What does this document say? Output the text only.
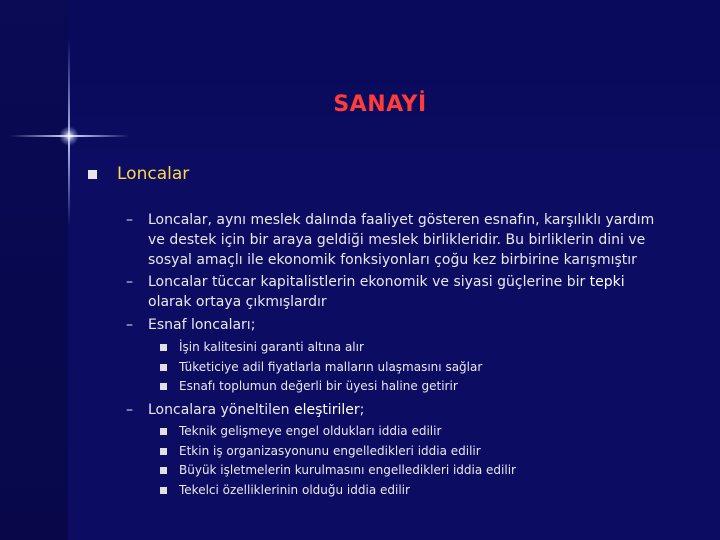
SANAYİ
Loncalar
–	Loncalar, aynı meslek dalında faaliyet gösteren esnafın, karşılıklı yardım ve destek için bir araya geldiği meslek birlikleridir. Bu birliklerin dini ve sosyal amaçlı ile ekonomik fonksiyonları çoğu kez birbirine karışmıştır
–	Loncalar tüccar kapitalistlerin ekonomik ve siyasi güçlerine bir tepki olarak ortaya çıkmışlardır
–	Esnaf loncaları;
İşin kalitesini garanti altına alır
Tüketiciye adil fiyatlarla malların ulaşmasını sağlar
Esnafı toplumun değerli bir üyesi haline getirir
–	Loncalara yöneltilen eleştiriler;
Teknik gelişmeye engel oldukları iddia edilir
Etkin iş organizasyonunu engelledikleri iddia edilir
Büyük işletmelerin kurulmasını engelledikleri iddia edilir
Tekelci özelliklerinin olduğu iddia edilir
